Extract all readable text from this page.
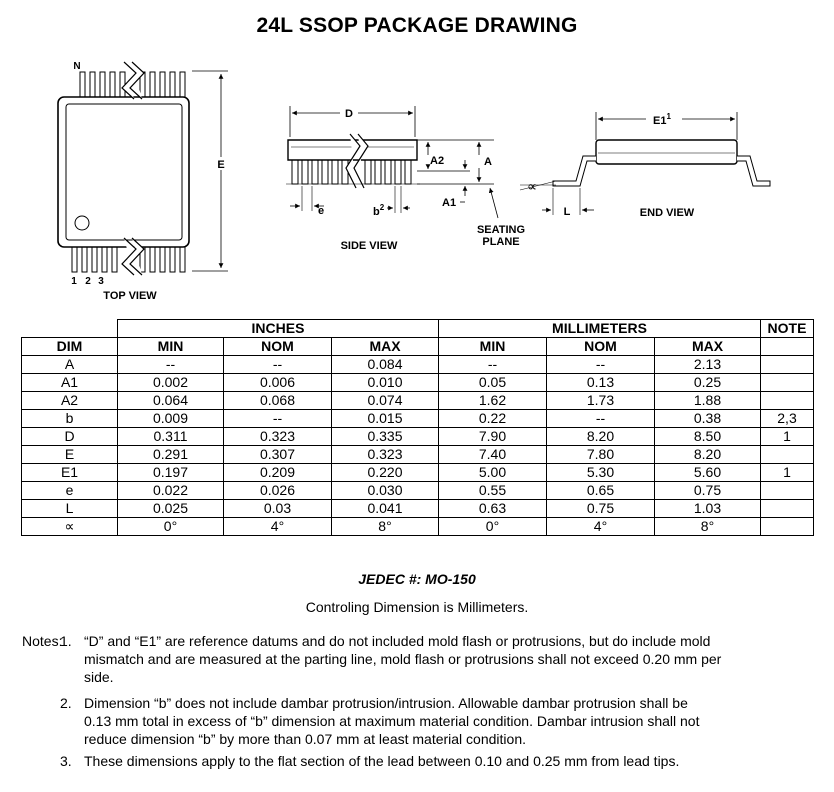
24L SSOP PACKAGE DRAWING
E
N
1 2 3
TOP VIEW
D
A2	A
A1
SEATING
PLANE
e	$b^2$
SIDE VIEW
$E1^1$
∝
L	END VIEW
	INCHES			MILLIMETERS			NOTE
DIM	MIN	NOM	MAX	MIN	NOM	MAX	
A	--	--	0.084	--	--	2.13	
A1	0.002	0.006	0.010	0.05	0.13	0.25	
A2	0.064	0.068	0.074	1.62	1.73	1.88	
b	0.009	--	0.015	0.22	--	0.38	2,3
D	0.311	0.323	0.335	7.90	8.20	8.50	1
E	0.291	0.307	0.323	7.40	7.80	8.20	
E1	0.197	0.209	0.220	5.00	5.30	5.60	1
e	0.022	0.026	0.030	0.55	0.65	0.75	
L	0.025	0.03	0.041	0.63	0.75	1.03	
∝	0°	4°	8°	0°	4°	8°	
JEDEC #: MO-150
Controling Dimension is Millimeters.
Notes:
1. “D” and “E1” are reference datums and do not included mold flash or protrusions, but do include mold
mismatch and are measured at the parting line, mold flash or protrusions shall not exceed 0.20 mm per
side.
2. Dimension “b” does not include dambar protrusion/intrusion. Allowable dambar protrusion shall be
0.13 mm total in excess of “b” dimension at maximum material condition. Dambar intrusion shall not
reduce dimension “b” by more than 0.07 mm at least material condition.
3. These dimensions apply to the flat section of the lead between 0.10 and 0.25 mm from lead tips.
